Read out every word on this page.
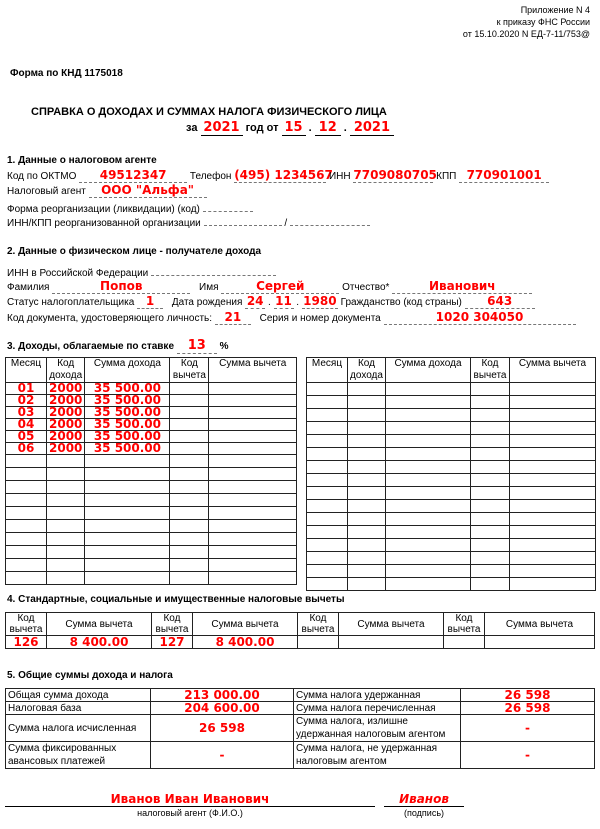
Приложение N 4
к приказу ФНС России
от 15.10.2020 N ЕД-7-11/753@
Форма по КНД 1175018
СПРАВКА О ДОХОДАХ И СУММАХ НАЛОГА ФИЗИЧЕСКОГО ЛИЦА
за 2021 год от 15 . 12 . 2021
1. Данные о налоговом агенте
Код по ОКТМО 49512347 Телефон (495) 1234567 ИНН 7709080705 КПП 770901001
Налоговый агент ООО "Альфа"
Форма реорганизации (ликвидации) (код)
ИНН/КПП реорганизованной организации	/
2. Данные о физическом лице - получателе дохода
ИНН в Российской Федерации
Фамилия	Попов	Имя	Сергей	Отчество*	Иванович
Статус налогоплательщика 1 Дата рождения 24 . 11 . 1980 Гражданство (код страны) 643
Код документа, удостоверяющего личность: 21 Серия и номер документа	1020 304050
3. Доходы, облагаемые по ставке 13 %
Месяц	Код дохода	Сумма дохода	Код вычета	Сумма вычета
01	2000	35 500.00		
02	2000	35 500.00		
03	2000	35 500.00		
04	2000	35 500.00		
05	2000	35 500.00		
06	2000	35 500.00		

Месяц	Код дохода	Сумма дохода	Код вычета	Сумма вычета

4. Стандартные, социальные и имущественные налоговые вычеты
Код вычета	Сумма вычета	Код вычета	Сумма вычета	Код вычета	Сумма вычета	Код вычета	Сумма вычета
126	8 400.00	127	8 400.00				
5. Общие суммы дохода и налога
Общая сумма дохода	213 000.00	Сумма налога удержанная	26 598
Налоговая база	204 600.00	Сумма налога перечисленная	26 598
Сумма налога исчисленная	26 598	Сумма налога, излишне удержанная налоговым агентом	-
Сумма фиксированных авансовых платежей	-	Сумма налога, не удержанная налоговым агентом	-
Иванов Иван Иванович
налоговый агент (Ф.И.О.)
Иванов
(подпись)
